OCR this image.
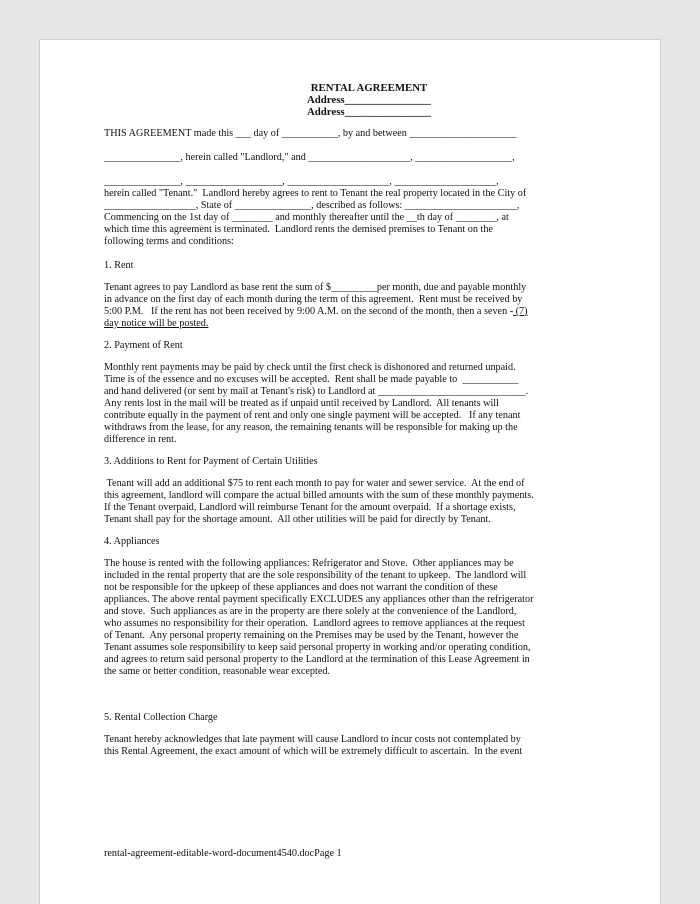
RENTAL AGREEMENT
Address________________
Address________________

THIS AGREEMENT made this ___ day of ___________, by and between _____________________

_______________, herein called "Landlord," and ____________________, ___________________,

_______________, ___________________, ____________________, ____________________,
herein called "Tenant."  Landlord hereby agrees to rent to Tenant the real property located in the City of
__________________, State of _______________, described as follows: ______________________,
Commencing on the 1st day of ________ and monthly thereafter until the __th day of ________, at
which time this agreement is terminated.  Landlord rents the demised premises to Tenant on the
following terms and conditions:

1. Rent

Tenant agrees to pay Landlord as base rent the sum of $_________per month, due and payable monthly
in advance on the first day of each month during the term of this agreement.  Rent must be received by
5:00 P.M.   If the rent has not been received by 9:00 A.M. on the second of the month, then a seven - (7)
day notice will be posted.

2. Payment of Rent

Monthly rent payments may be paid by check until the first check is dishonored and returned unpaid.
Time is of the essence and no excuses will be accepted.  Rent shall be made payable to  ___________
and hand delivered (or sent by mail at Tenant's risk) to Landlord at _____________________________.
Any rents lost in the mail will be treated as if unpaid until received by Landlord.  All tenants will
contribute equally in the payment of rent and only one single payment will be accepted.   If any tenant
withdraws from the lease, for any reason, the remaining tenants will be responsible for making up the
difference in rent.

3. Additions to Rent for Payment of Certain Utilities

Tenant will add an additional $75 to rent each month to pay for water and sewer service.  At the end of
this agreement, landlord will compare the actual billed amounts with the sum of these monthly payments.
If the Tenant overpaid, Landlord will reimburse Tenant for the amount overpaid.  If a shortage exists,
Tenant shall pay for the shortage amount.  All other utilities will be paid for directly by Tenant.

4. Appliances

The house is rented with the following appliances: Refrigerator and Stove.  Other appliances may be
included in the rental property that are the sole responsibility of the tenant to upkeep.  The landlord will
not be responsible for the upkeep of these appliances and does not warrant the condition of these
appliances. The above rental payment specifically EXCLUDES any appliances other than the refrigerator
and stove.  Such appliances as are in the property are there solely at the convenience of the Landlord,
who assumes no responsibility for their operation.  Landlord agrees to remove appliances at the request
of Tenant.  Any personal property remaining on the Premises may be used by the Tenant, however the
Tenant assumes sole responsibility to keep said personal property in working and/or operating condition,
and agrees to return said personal property to the Landlord at the termination of this Lease Agreement in
the same or better condition, reasonable wear excepted.

5. Rental Collection Charge

Tenant hereby acknowledges that late payment will cause Landlord to incur costs not contemplated by
this Rental Agreement, the exact amount of which will be extremely difficult to ascertain.  In the event

rental-agreement-editable-word-document4540.docPage 1
